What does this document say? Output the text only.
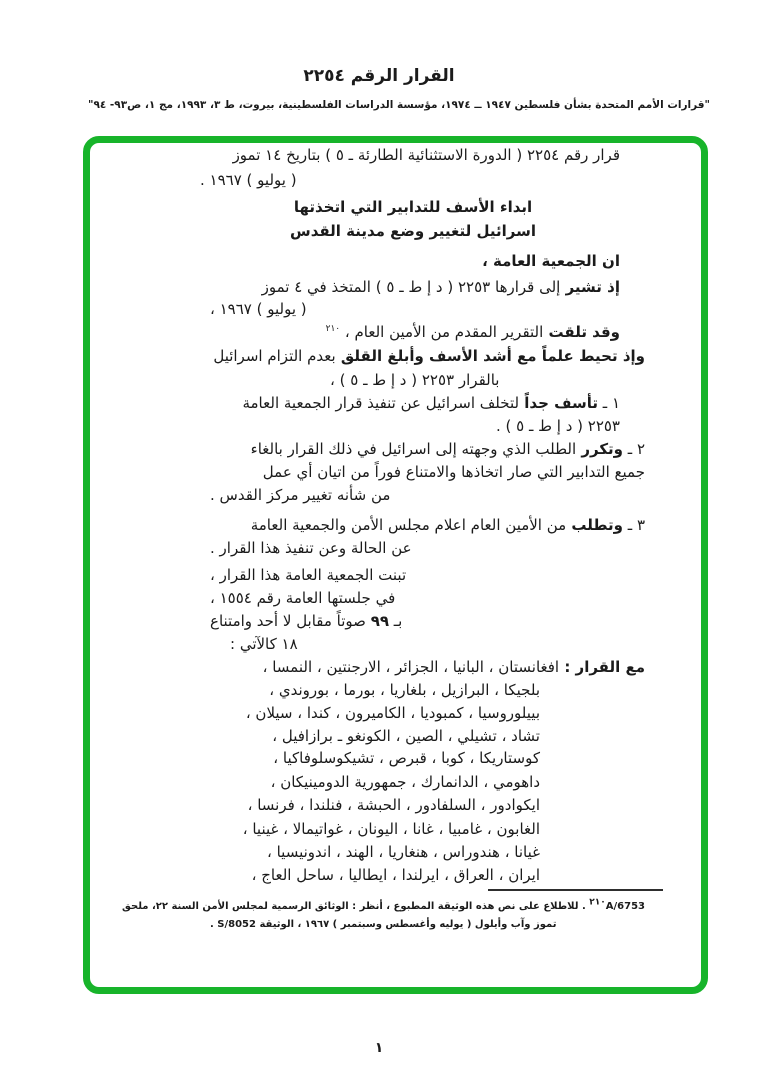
القرار الرقم ٢٢٥٤
"قرارات الأمم المتحدة بشأن فلسطين ١٩٤٧ ــ ١٩٧٤، مؤسسة الدراسات الفلسطينية، بيروت، ط ٣، ١٩٩٣، مج ١، ص٩٣- ٩٤"
قرار رقم ٢٢٥٤ ( الدورة الاستثنائية الطارئة ـ ٥ ) بتاريخ ١٤ تموز
( يوليو ) ١٩٦٧ .
ابداء الأسف للتدابير التي اتخذتها
اسرائيل لتغيير وضع مدينة القدس
ان الجمعية العامة ،
إذ تشير إلى قرارها ٢٢٥٣ ( د إ ط ـ ٥ ) المتخذ في ٤ تموز
( يوليو ) ١٩٦٧ ،
وقد تلقت التقرير المقدم من الأمين العام ، $^{٢١٠}$
وإذ تحيط علماً مع أشد الأسف وأبلغ القلق بعدم التزام اسرائيل
بالقرار ٢٢٥٣ ( د إ ط ـ ٥ ) ،
١ ـ تأسف جداً لتخلف اسرائيل عن تنفيذ قرار الجمعية العامة
٢٢٥٣ ( د إ ط ـ ٥ ) .
٢ ـ وتكرر الطلب الذي وجهته إلى اسرائيل في ذلك القرار بالغاء
جميع التدابير التي صار اتخاذها والامتناع فوراً من اتيان أي عمل
من شأنه تغيير مركز القدس .
٣ ـ وتطلب من الأمين العام اعلام مجلس الأمن والجمعية العامة
عن الحالة وعن تنفيذ هذا القرار .
تبنت الجمعية العامة هذا القرار ،
في جلستها العامة رقم ١٥٥٤ ،
بـ ٩٩ صوتاً مقابل لا أحد وامتناع
١٨ كالآتي :
مع القرار : افغانستان ، البانيا ، الجزائر ، الارجنتين ، النمسا ،
بلجيكا ، البرازيل ، بلغاريا ، بورما ، بوروندي ،
بييلوروسيا ، كمبوديا ، الكاميرون ، كندا ، سيلان ،
تشاد ، تشيلي ، الصين ، الكونغو ـ برازافيل ،
كوستاريكا ، كوبا ، قبرص ، تشيكوسلوفاكيا ،
داهومي ، الدانمارك ، جمهورية الدومينيكان ،
ايكوادور ، السلفادور ، الحبشة ، فنلندا ، فرنسا ،
الغابون ، غامبيا ، غانا ، اليونان ، غواتيمالا ، غينيا ،
غيانا ، هندوراس ، هنغاريا ، الهند ، اندونيسيا ،
ايران ، العراق ، ايرلندا ، ايطاليا ، ساحل العاج ،
$^{٢١٠}$A/6753 . للاطلاع على نص هذه الوثيقة المطبوع ، أنظر : الوثائق الرسمية لمجلس الأمن السنة ٢٢، ملحق
تموز وآب وأيلول ( يوليه وأغسطس وسبتمبر ) ١٩٦٧ ، الوثيقة S/8052 .
١
